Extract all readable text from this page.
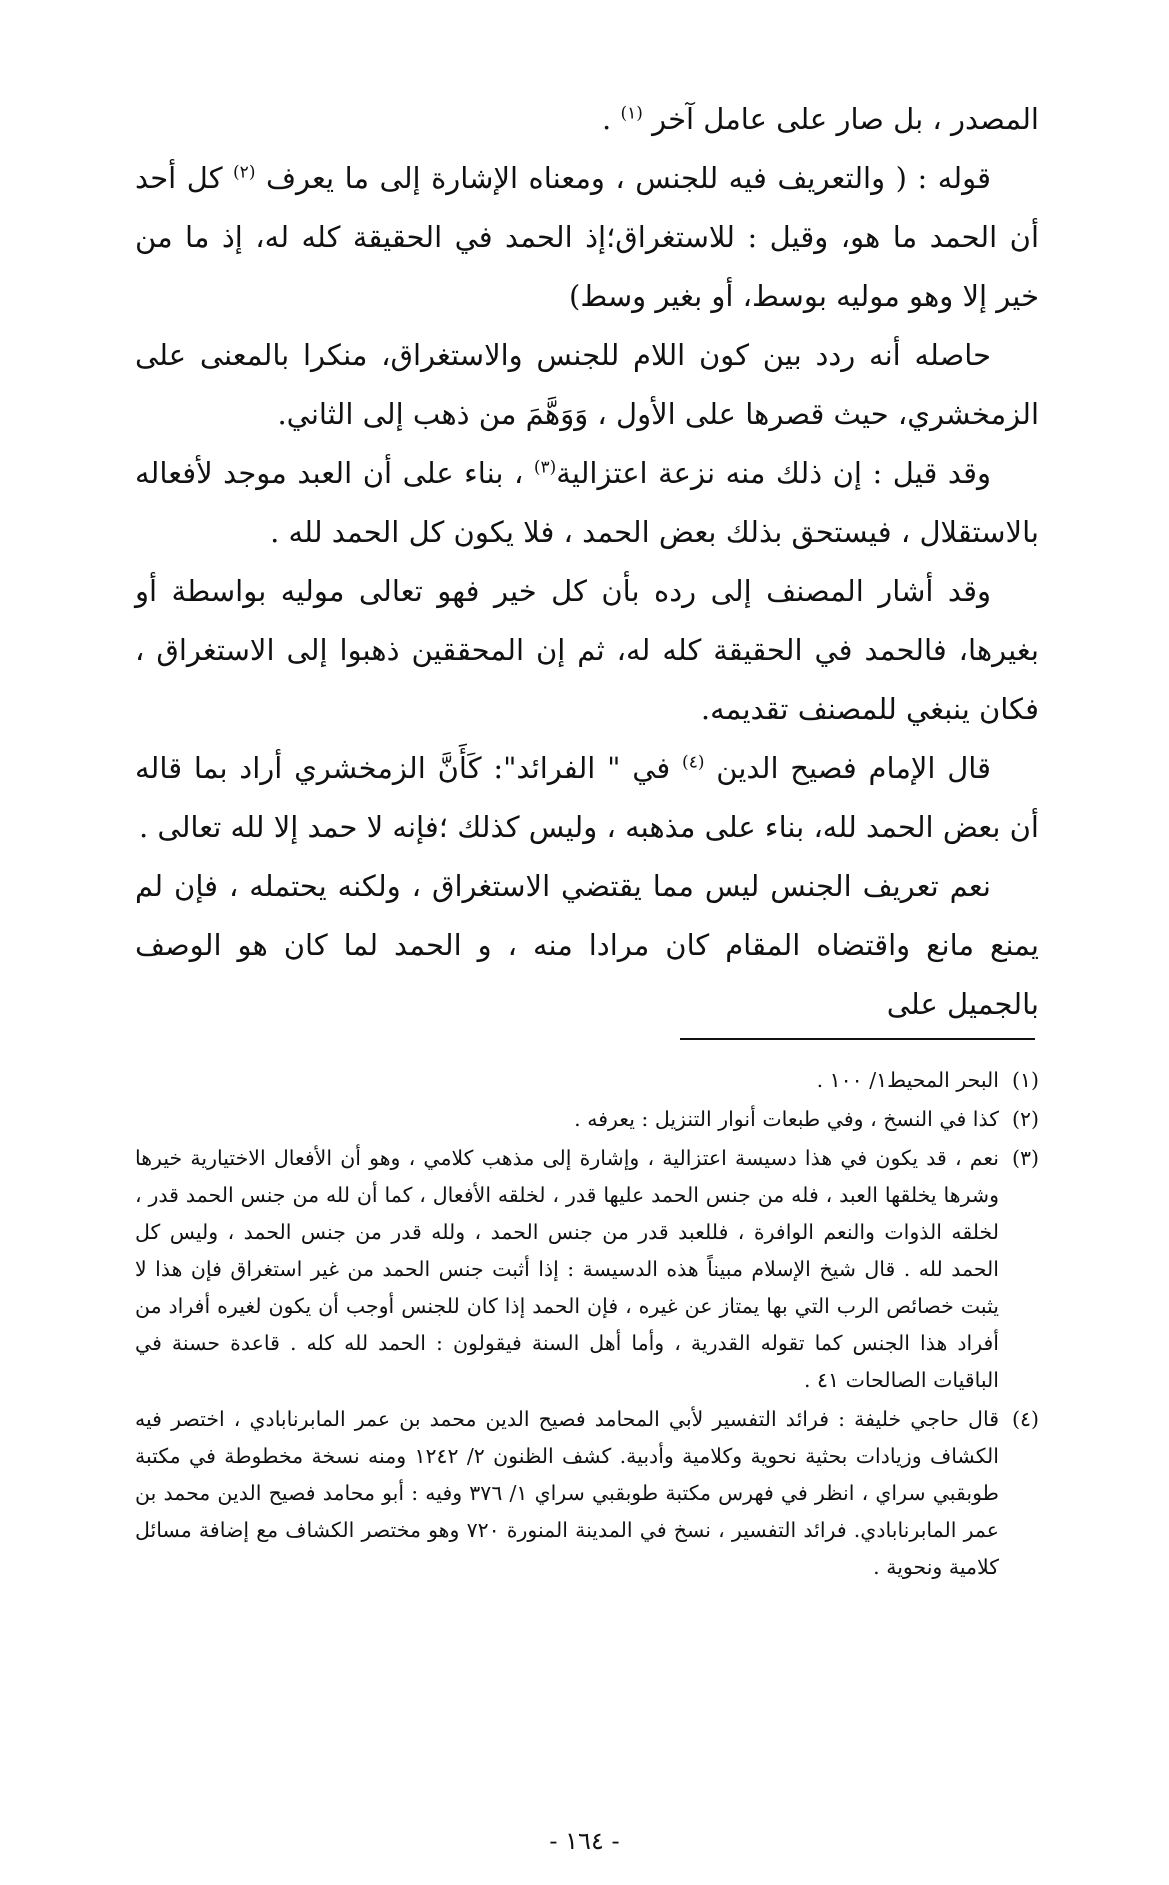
المصدر ، بل صار على عامل آخر $^{(١)}$ .

قوله : ( والتعريف فيه للجنس ، ومعناه الإشارة إلى ما يعرف $^{(٢)}$ كل أحد أن الحمد ما هو، وقيل : للاستغراق؛إذ الحمد في الحقيقة كله له، إذ ما من خير إلا وهو موليه بوسط، أو بغير وسط)

حاصله أنه ردد بين كون اللام للجنس والاستغراق، منكرا بالمعنى على الزمخشري، حيث قصرها على الأول ، وَوَهَّمَ من ذهب إلى الثاني.

وقد قيل : إن ذلك منه نزعة اعتزالية$^{(٣)}$ ، بناء على أن العبد موجد لأفعاله بالاستقلال ، فيستحق بذلك بعض الحمد ، فلا يكون كل الحمد لله .

وقد أشار المصنف إلى رده بأن كل خير فهو تعالى موليه بواسطة أو بغيرها، فالحمد في الحقيقة كله له، ثم إن المحققين ذهبوا إلى الاستغراق ، فكان ينبغي للمصنف تقديمه.

قال الإمام فصيح الدين $^{(٤)}$ في " الفرائد": كَأَنَّ الزمخشري أراد بما قاله أن بعض الحمد لله، بناء على مذهبه ، وليس كذلك ؛فإنه لا حمد إلا لله تعالى .

نعم تعريف الجنس ليس مما يقتضي الاستغراق ، ولكنه يحتمله ، فإن لم يمنع مانع واقتضاه المقام كان مرادا منه ، و الحمد لما كان هو الوصف بالجميل على

(١)
البحر المحيط١/ ١٠٠ .
(٢)
كذا في النسخ ، وفي طبعات أنوار التنزيل : يعرفه .
(٣)
نعم ، قد يكون في هذا دسيسة اعتزالية ، وإشارة إلى مذهب كلامي ، وهو أن الأفعال الاختيارية خيرها وشرها يخلقها العبد ، فله من جنس الحمد عليها قدر ، لخلقه الأفعال ، كما أن لله من جنس الحمد قدر ، لخلقه الذوات والنعم الوافرة ، فللعبد قدر من جنس الحمد ، ولله قدر من جنس الحمد ، وليس كل الحمد لله . قال شيخ الإسلام مبيناً هذه الدسيسة : إذا أثبت جنس الحمد من غير استغراق فإن هذا لا يثبت خصائص الرب التي بها يمتاز عن غيره ، فإن الحمد إذا كان للجنس أوجب أن يكون لغيره أفراد من أفراد هذا الجنس كما تقوله القدرية ، وأما أهل السنة فيقولون : الحمد لله كله . قاعدة حسنة في الباقيات الصالحات ٤١ .
(٤)
قال حاجي خليفة : فرائد التفسير لأبي المحامد فصيح الدين محمد بن عمر المابرنابادي ، اختصر فيه الكشاف وزيادات بحثية نحوية وكلامية وأدبية. كشف الظنون ٢/ ١٢٤٢ ومنه نسخة مخطوطة في مكتبة طوبقبي سراي ، انظر في فهرس مكتبة طوبقبي سراي ١/ ٣٧٦ وفيه : أبو محامد فصيح الدين محمد بن عمر المابرنابادي. فرائد التفسير ، نسخ في المدينة المنورة ٧٢٠ وهو مختصر الكشاف مع إضافة مسائل كلامية ونحوية .
- ١٦٤ -
